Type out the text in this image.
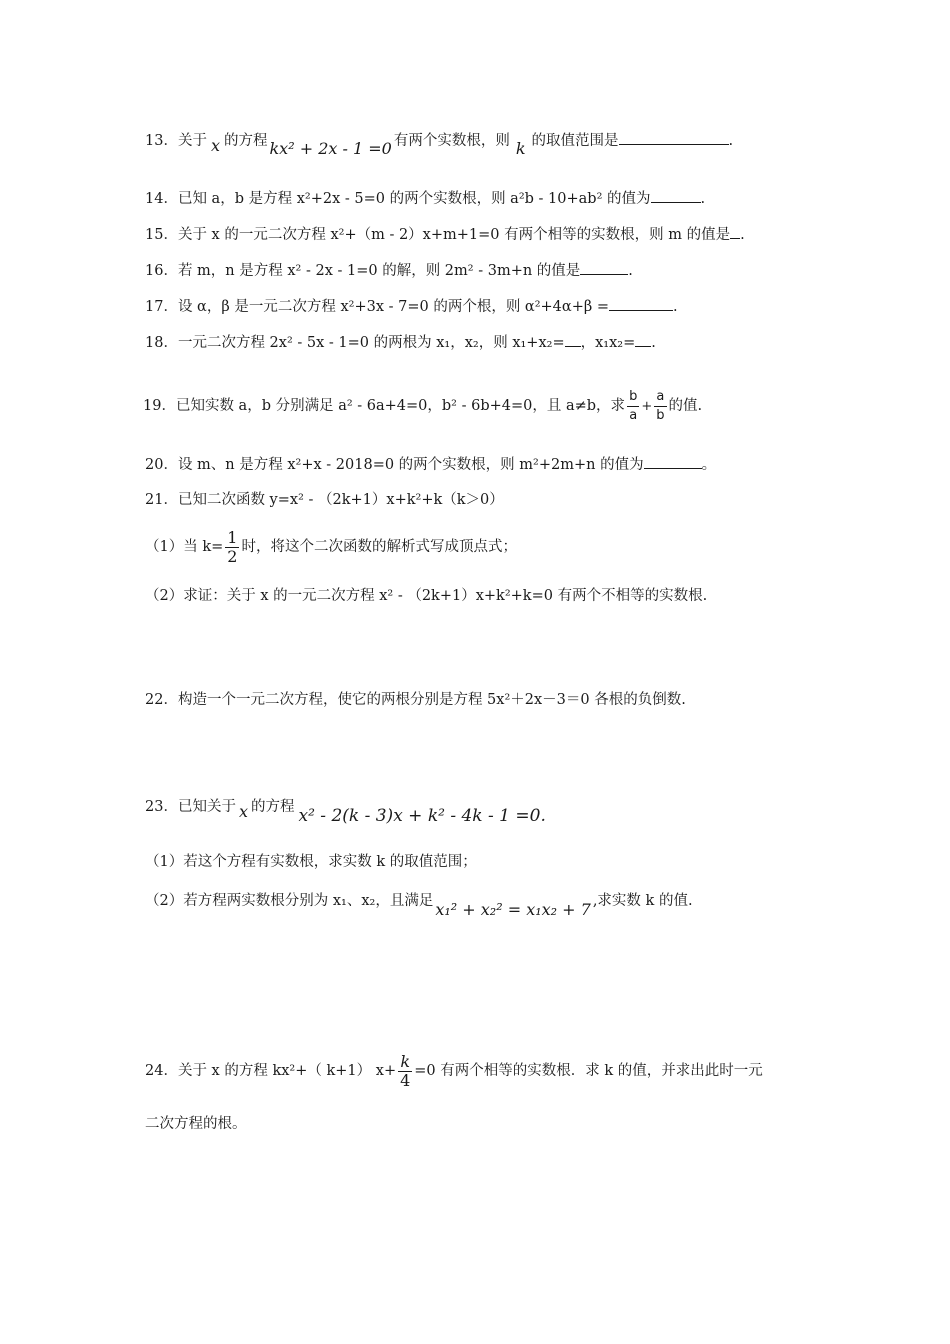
13．关于 x 的方程 kx² + 2x - 1 =0 有两个实数根，则 k 的取值范围是	.
14．已知 a，b 是方程 x²+2x - 5=0 的两个实数根，则 a²b - 10+ab² 的值为	.
15．关于 x 的一元二次方程 x²+（m - 2）x+m+1=0 有两个相等的实数根，则 m 的值是 .
16．若 m，n 是方程 x² - 2x - 1=0 的解，则 2m² - 3m+n 的值是	.
17．设 α，β 是一元二次方程 x²+3x - 7=0 的两个根，则 α²+4α+β =	.
18．一元二次方程 2x² - 5x - 1=0 的两根为 x₁，x₂，则 x₁+x₂= ，x₁x₂= .
19．已知实数 a，b 分别满足 a² - 6a+4=0，b² - 6b+4=0，且 a≠b，求 $\frac{b}{a} + \frac{a}{b}$ 的值.
20．设 m、n 是方程 x²+x - 2018=0 的两个实数根，则 m²+2m+n 的值为	。
21．已知二次函数 y=x² - （2k+1）x+k²+k（k＞0）
（1）当 $k= \frac{1}{2}$ 时，将这个二次函数的解析式写成顶点式；
（2）求证：关于 x 的一元二次方程 x² - （2k+1）x+k²+k=0 有两个不相等的实数根.
22．构造一个一元二次方程，使它的两根分别是方程 5x²＋2x－3＝0 各根的负倒数.
23．已知关于 x 的方程 x² - 2(k - 3)x + k² - 4k - 1 =0.
（1）若这个方程有实数根，求实数 k 的取值范围；
（2）若方程两实数根分别为 x₁、x₂，且满足 x₁² + x₂² = x₁x₂ + 7 ,求实数 k 的值.
24．关于 x 的方程 kx²+（ k+1） $x+ \frac{k}{4} =0$ 有两个相等的实数根．求 k 的值，并求出此时一元
二次方程的根。
